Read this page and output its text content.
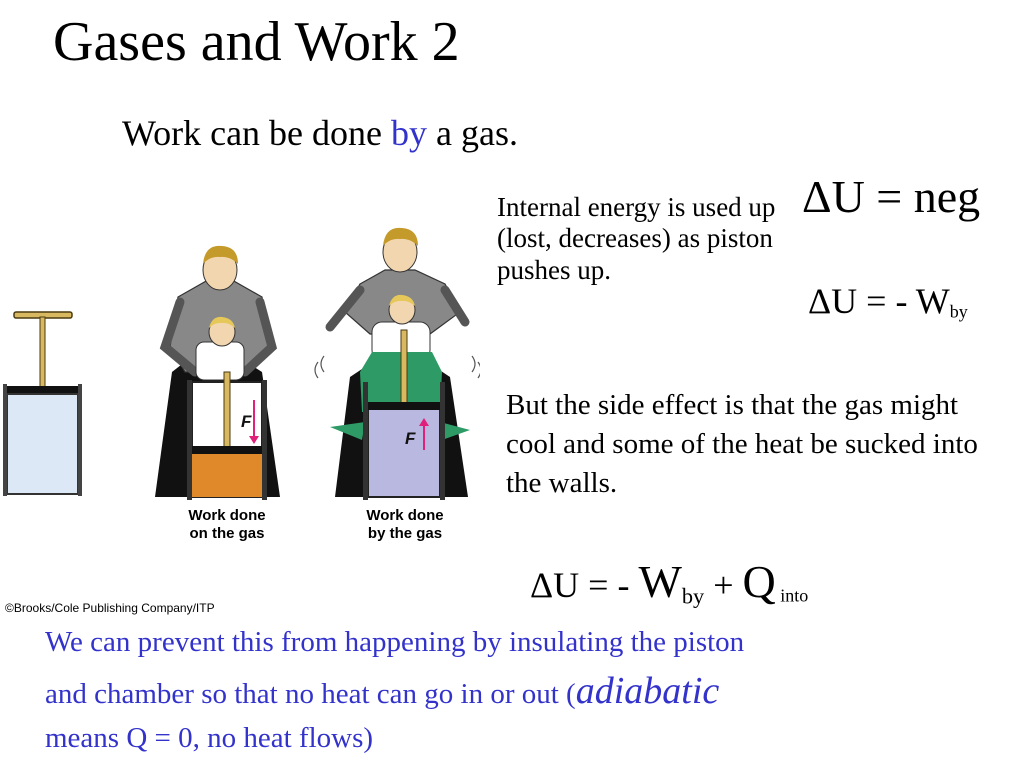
Gases and Work 2
Work can be done by a gas.
Internal energy is used up (lost, decreases) as piston pushes up.
ΔU = neg
ΔU = - $W_{by}$
But the side effect is that the gas might cool and some of the heat be sucked into the walls.
ΔU = - Wby + Q $_{into}$
F
F
Work done
on the gas
Work done
by the gas
©Brooks/Cole Publishing Company/ITP
We can prevent this from happening by insulating the piston and chamber so that no heat can go in or out (adiabatic means Q = 0, no heat flows)
